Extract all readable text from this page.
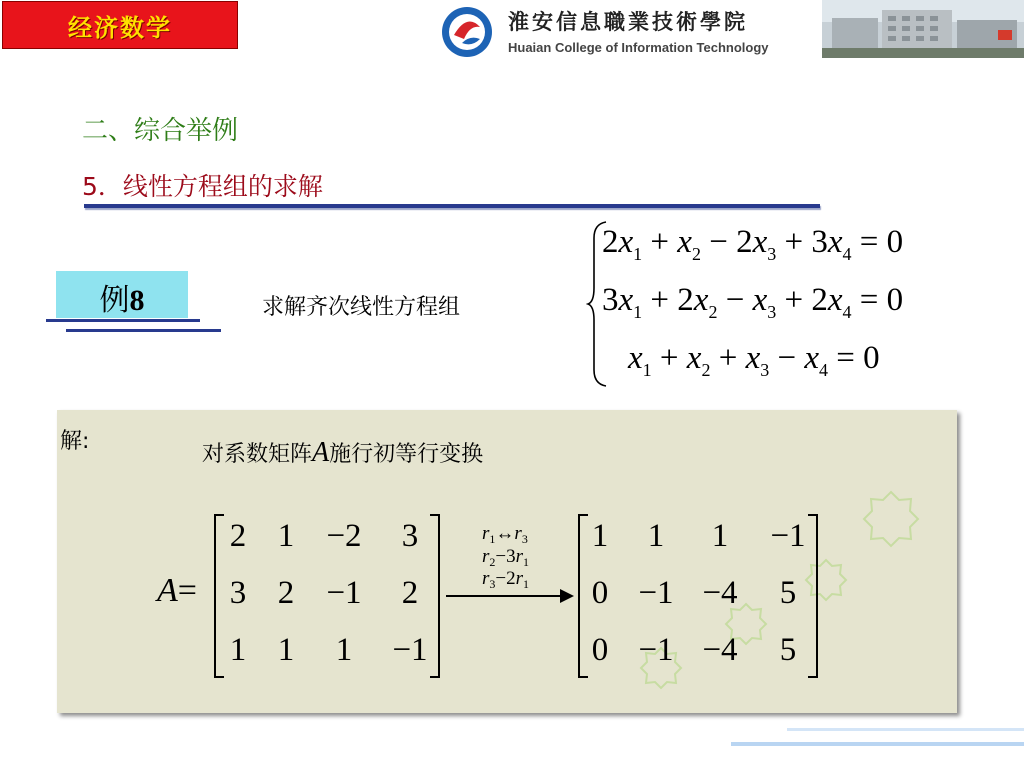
经济数学	淮安信息職業技術學院
Huaian College of Information Technology
二、综合举例
5．线性方程组的求解
例8	求解齐次线性方程组
$2x_1 + x_2 - 2x_3 + 3x_4 = 0$
$3x_1 + 2x_2 - x_3 + 2x_4 = 0$
$x_1 + x_2 + x_3 - x_4 = 0$
解:
对系数矩阵A施行初等行变换
A=
2 1 −2	3
3 2 −1	2
1 1	1	−1
$r_1\leftrightarrow r_3$
$r_2-3r_1$
$r_3-2r_1$
1	1	1	−1
0 −1 −4	5
0 −1 −4	5
